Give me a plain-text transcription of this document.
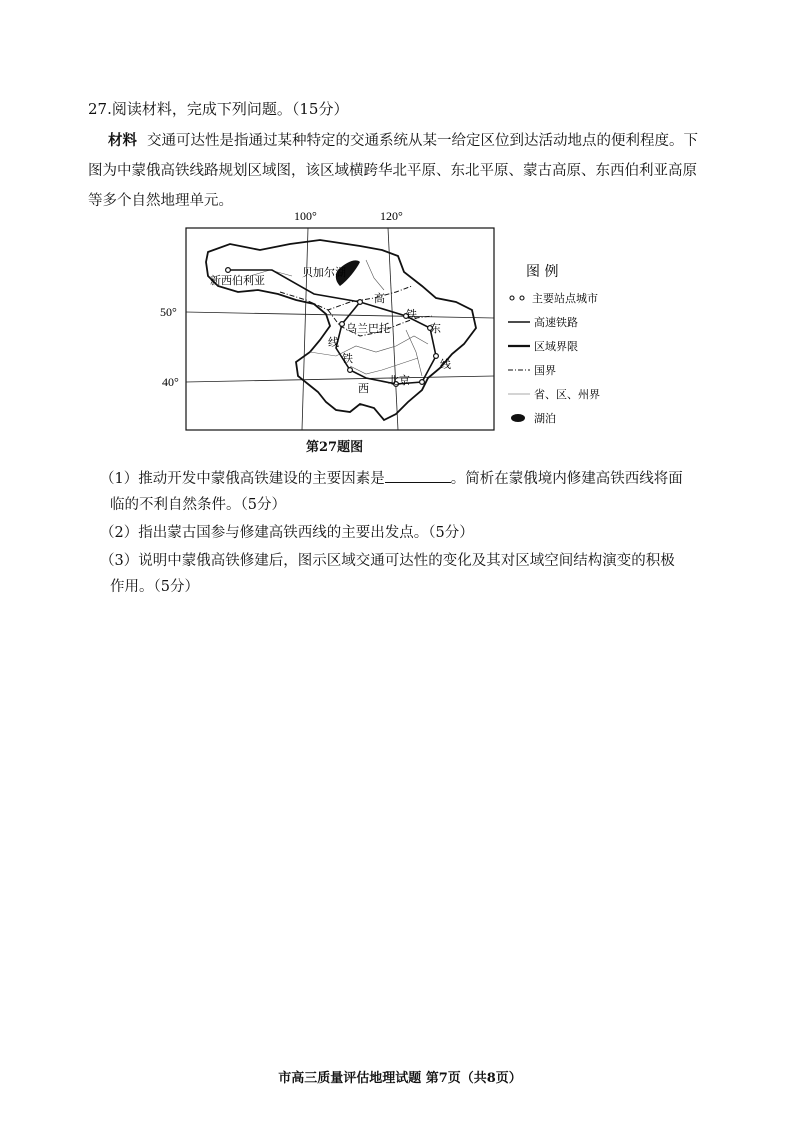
27.阅读材料，完成下列问题。（15分）
材料 交通可达性是指通过某种特定的交通系统从某一给定区位到达活动地点的便利程度。下图为中蒙俄高铁线路规划区域图，该区域横跨华北平原、东北平原、蒙古高原、东西伯利亚高原等多个自然地理单元。
100°	120°
50°
40°
新西伯利亚
贝加尔湖
乌兰巴托
高
铁
东
线
线
铁
西
北京
图 例
主要站点城市
高速铁路
区域界限
国界
省、区、州界
湖泊
第27题图
（1）推动开发中蒙俄高铁建设的主要因素是	。简析在蒙俄境内修建高铁西线将面
临的不利自然条件。（5分）
（2）指出蒙古国参与修建高铁西线的主要出发点。（5分）
（3）说明中蒙俄高铁修建后，图示区域交通可达性的变化及其对区域空间结构演变的积极
作用。（5分）
市高三质量评估地理试题 第7页（共8页）
